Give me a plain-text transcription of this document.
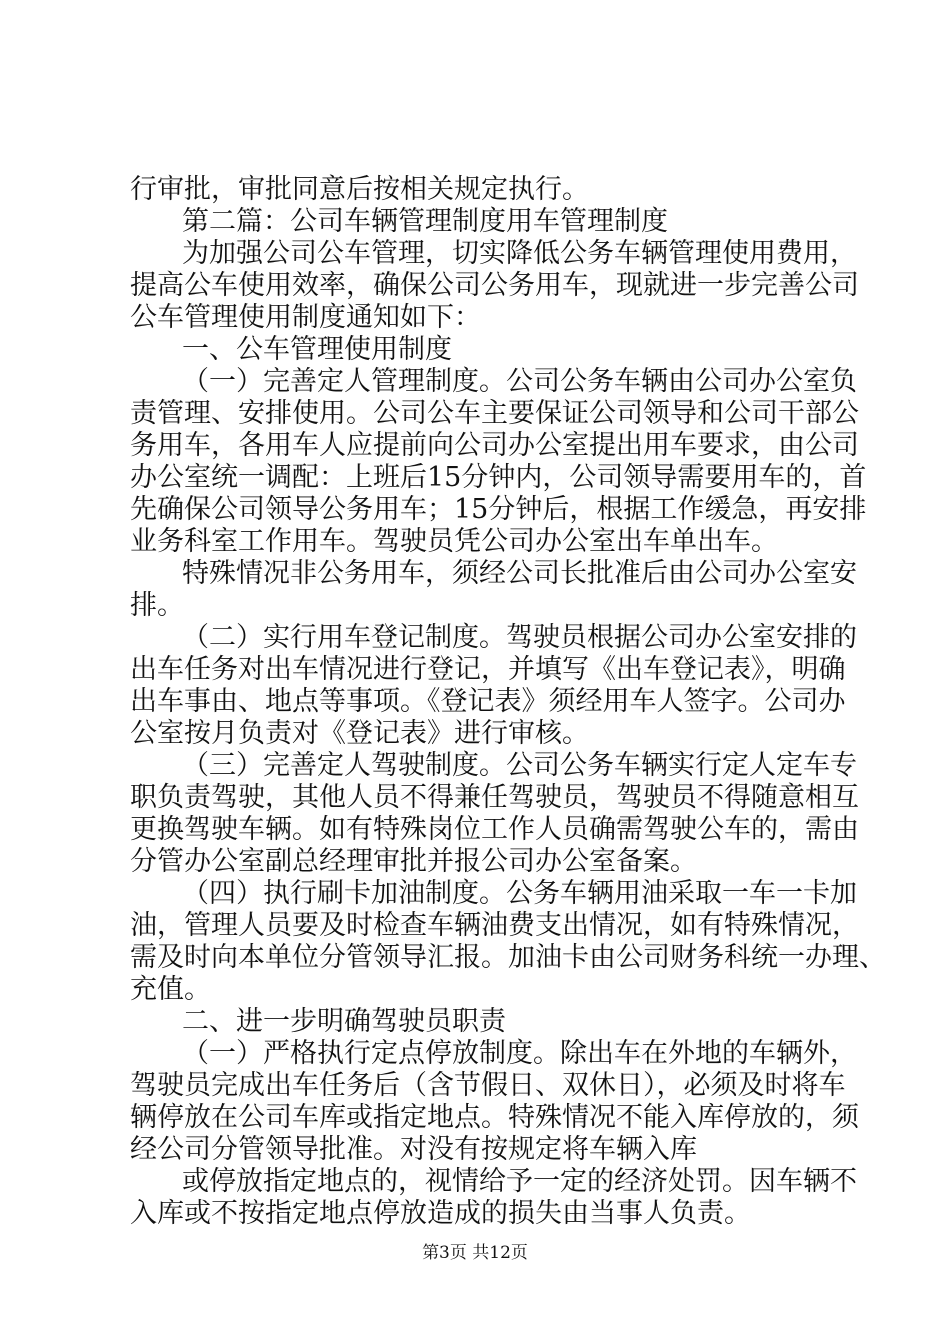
行审批，审批同意后按相关规定执行。
第二篇：公司车辆管理制度用车管理制度
为加强公司公车管理，切实降低公务车辆管理使用费用，
提高公车使用效率，确保公司公务用车，现就进一步完善公司
公车管理使用制度通知如下：
一、公车管理使用制度
（一）完善定人管理制度。公司公务车辆由公司办公室负
责管理、安排使用。公司公车主要保证公司领导和公司干部公
务用车，各用车人应提前向公司办公室提出用车要求，由公司
办公室统一调配：上班后15分钟内，公司领导需要用车的，首
先确保公司领导公务用车；15分钟后，根据工作缓急，再安排
业务科室工作用车。驾驶员凭公司办公室出车单出车。
特殊情况非公务用车，须经公司长批准后由公司办公室安
排。
（二）实行用车登记制度。驾驶员根据公司办公室安排的
出车任务对出车情况进行登记，并填写《出车登记表》，明确
出车事由、地点等事项。《登记表》须经用车人签字。公司办
公室按月负责对《登记表》进行审核。
（三）完善定人驾驶制度。公司公务车辆实行定人定车专
职负责驾驶，其他人员不得兼任驾驶员，驾驶员不得随意相互
更换驾驶车辆。如有特殊岗位工作人员确需驾驶公车的，需由
分管办公室副总经理审批并报公司办公室备案。
（四）执行刷卡加油制度。公务车辆用油采取一车一卡加
油，管理人员要及时检查车辆油费支出情况，如有特殊情况，
需及时向本单位分管领导汇报。加油卡由公司财务科统一办理、
充值。
二、进一步明确驾驶员职责
（一）严格执行定点停放制度。除出车在外地的车辆外，
驾驶员完成出车任务后（含节假日、双休日），必须及时将车
辆停放在公司车库或指定地点。特殊情况不能入库停放的，须
经公司分管领导批准。对没有按规定将车辆入库
或停放指定地点的，视情给予一定的经济处罚。因车辆不
入库或不按指定地点停放造成的损失由当事人负责。
第3页 共12页
